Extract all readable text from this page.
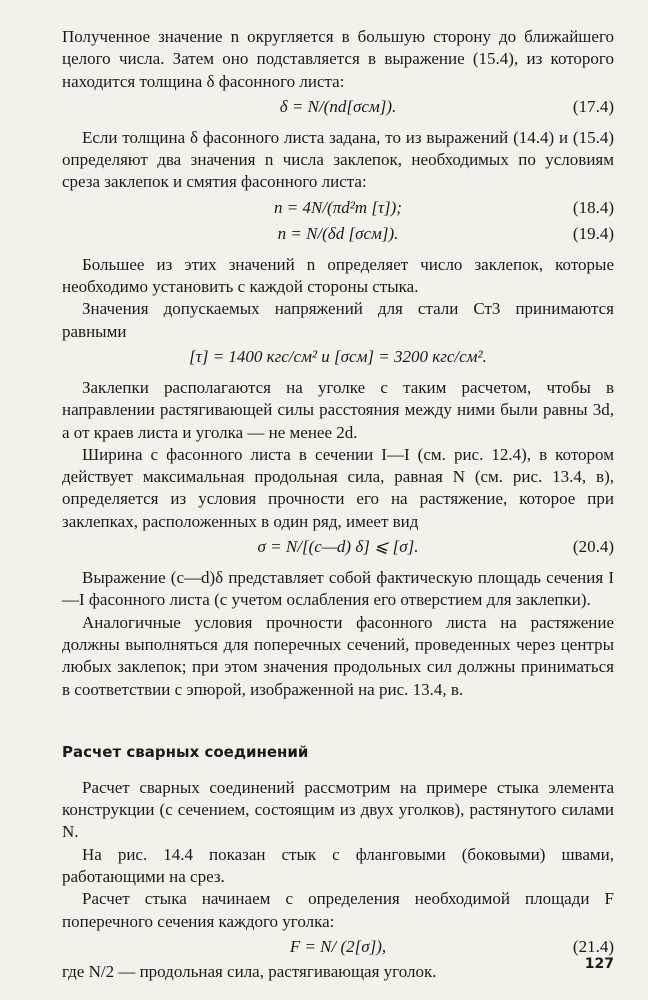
Полученное значение n округляется в большую сторону до ближайшего целого числа. Затем оно подставляется в выражение (15.4), из которого находится толщина δ фасонного листа:

δ = N/(nd[σсм]).	(17.4)

Если толщина δ фасонного листа задана, то из выражений (14.4) и (15.4) определяют два значения n числа заклепок, необходимых по условиям среза заклепок и смятия фасонного листа:

n = 4N/(πd²m [τ]);	(18.4)
n = N/(δd [σсм]).	(19.4)

Большее из этих значений n определяет число заклепок, которые необходимо установить с каждой стороны стыка.

Значения допускаемых напряжений для стали Ст3 принимаются равными

[τ] = 1400 кгс/см² и [σсм] = 3200 кгс/см².

Заклепки располагаются на уголке с таким расчетом, чтобы в направлении растягивающей силы расстояния между ними были равны 3d, а от краев листа и уголка — не менее 2d.

Ширина c фасонного листа в сечении I—I (см. рис. 12.4), в котором действует максимальная продольная сила, равная N (см. рис. 13.4, в), определяется из условия прочности его на растяжение, которое при заклепках, расположенных в один ряд, имеет вид

σ = N/[(c—d) δ] ⩽ [σ].	(20.4)

Выражение (c—d)δ представляет собой фактическую площадь сечения I—I фасонного листа (с учетом ослабления его отверстием для заклепки).

Аналогичные условия прочности фасонного листа на растяжение должны выполняться для поперечных сечений, проведенных через центры любых заклепок; при этом значения продольных сил должны приниматься в соответствии с эпюрой, изображенной на рис. 13.4, в.

Расчет сварных соединений

Расчет сварных соединений рассмотрим на примере стыка элемента конструкции (с сечением, состоящим из двух уголков), растянутого силами N.

На рис. 14.4 показан стык с фланговыми (боковыми) швами, работающими на срез.

Расчет стыка начинаем с определения необходимой площади F поперечного сечения каждого уголка:

F = N/ (2[σ]),	(21.4)

где N/2 — продольная сила, растягивающая уголок.	127
